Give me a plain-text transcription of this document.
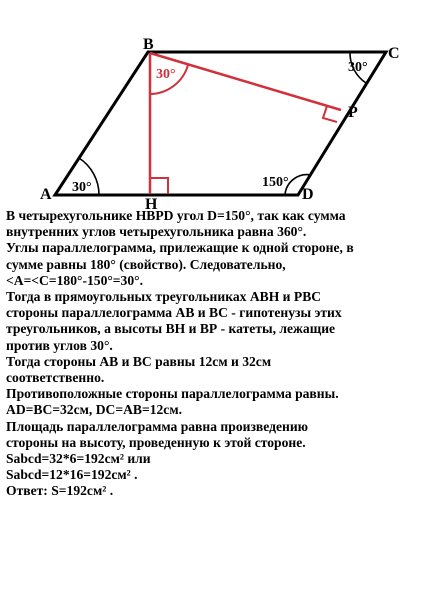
B
C
P
A
H
D
30°
30°	30°
150°

В четырехугольнике HBPD угол D=150°, так как сумма

внутренних углов четырехугольника равна 360°.

Углы параллелограмма, прилежащие к одной стороне, в

сумме равны 180° (свойство). Следовательно,

<A=<C=180°-150°=30°.

Тогда в прямоугольных треугольниках ABH и PBC

стороны параллелограмма АВ и ВС - гипотенузы этих

треугольников, а высоты ВН и ВР - катеты, лежащие

против углов 30°.

Тогда стороны AB и BC равны 12см и 32см

соответственно.

Противоположные стороны параллелограмма равны.

AD=BC=32см, DC=AB=12см.

Площадь параллелограмма равна произведению

стороны на высоту, проведенную к этой стороне.

Sabcd=32*6=192см² или

Sabcd=12*16=192см² .

Ответ: S=192см² .
